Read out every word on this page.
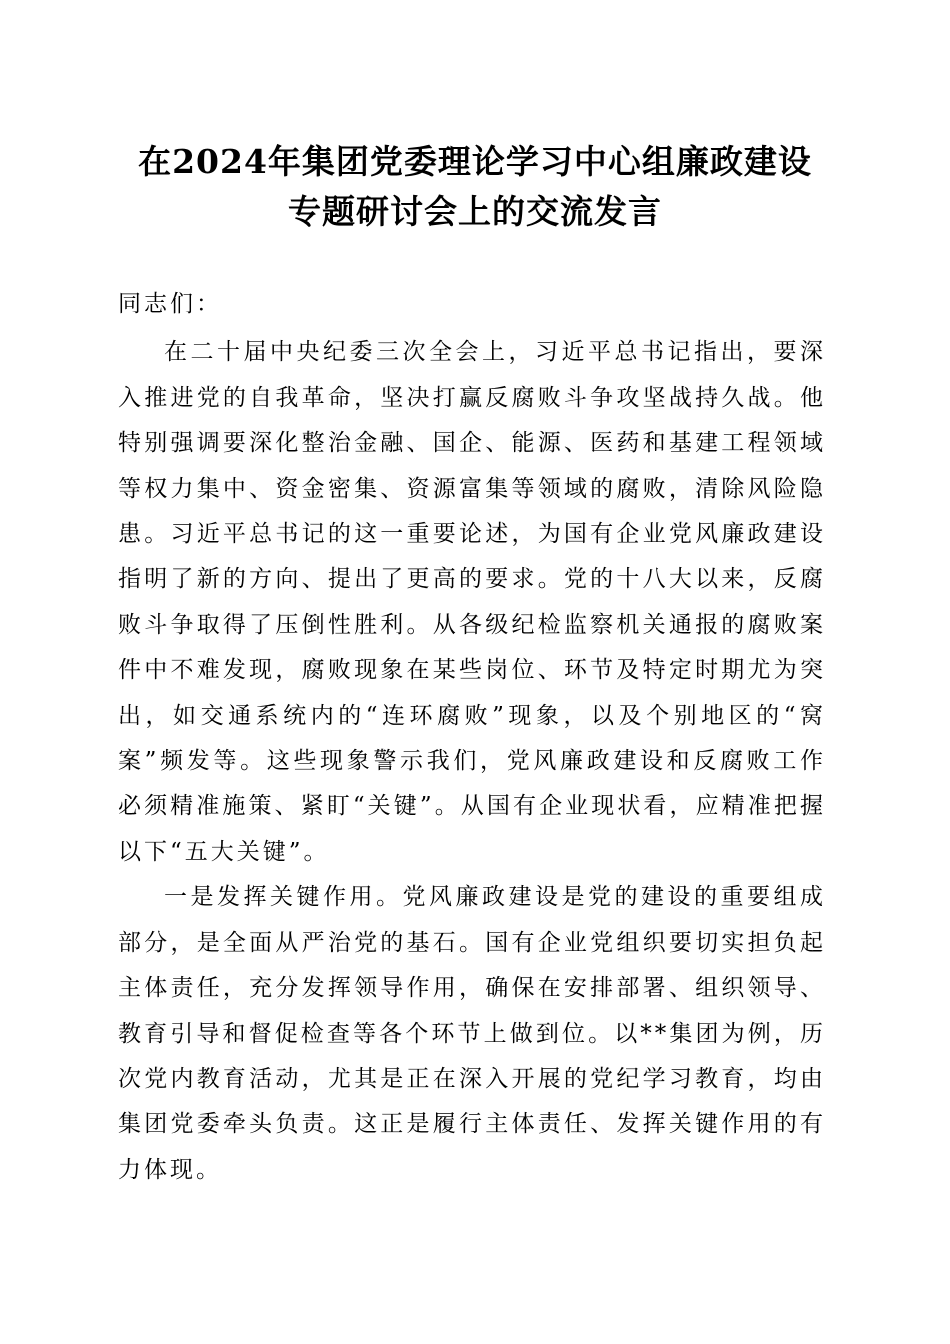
在2024年集团党委理论学习中心组廉政建设
专题研讨会上的交流发言

同志们：

在二十届中央纪委三次全会上，习近平总书记指出，要深入推进党的自我革命，坚决打赢反腐败斗争攻坚战持久战。他特别强调要深化整治金融、国企、能源、医药和基建工程领域等权力集中、资金密集、资源富集等领域的腐败，清除风险隐患。习近平总书记的这一重要论述，为国有企业党风廉政建设指明了新的方向、提出了更高的要求。党的十八大以来，反腐败斗争取得了压倒性胜利。从各级纪检监察机关通报的腐败案件中不难发现，腐败现象在某些岗位、环节及特定时期尤为突出，如交通系统内的“连环腐败”现象，以及个别地区的“窝案”频发等。这些现象警示我们，党风廉政建设和反腐败工作必须精准施策、紧盯“关键”。从国有企业现状看，应精准把握以下“五大关键”。

一是发挥关键作用。党风廉政建设是党的建设的重要组成部分，是全面从严治党的基石。国有企业党组织要切实担负起主体责任，充分发挥领导作用，确保在安排部署、组织领导、教育引导和督促检查等各个环节上做到位。以**集团为例，历次党内教育活动，尤其是正在深入开展的党纪学习教育，均由集团党委牵头负责。这正是履行主体责任、发挥关键作用的有力体现。
